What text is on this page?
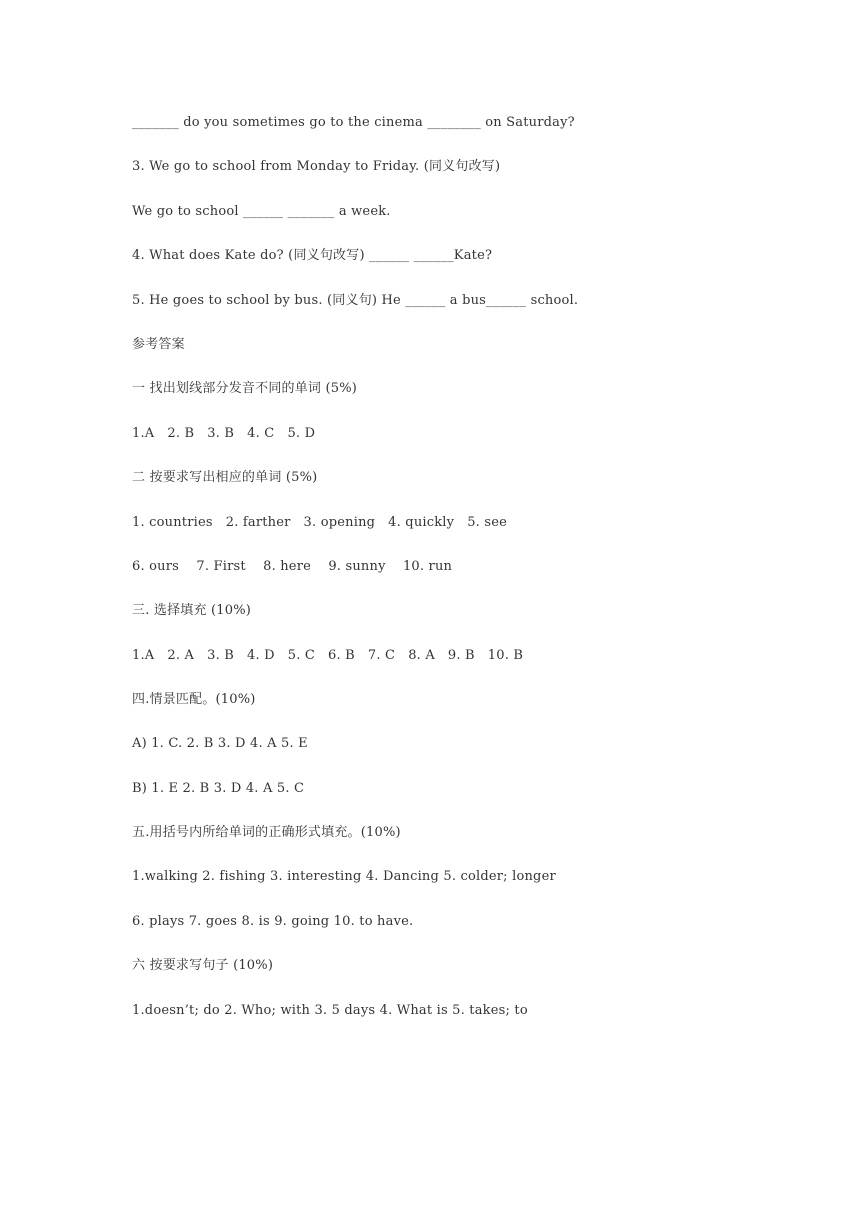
_______ do you sometimes go to the cinema ________ on Saturday?
3. We go to school from Monday to Friday. (同义句改写)
We go to school ______ _______ a week.
4. What does Kate do? (同义句改写) ______ ______Kate?
5. He goes to school by bus. (同义句) He ______ a bus______ school.
参考答案
一 找出划线部分发音不同的单词 (5%)
1.A   2. B   3. B   4. C   5. D
二 按要求写出相应的单词 (5%)
1. countries   2. farther   3. opening   4. quickly   5. see
6. ours    7. First    8. here    9. sunny    10. run
三. 选择填充 (10%)
1.A   2. A   3. B   4. D   5. C   6. B   7. C   8. A   9. B   10. B
四.情景匹配。(10%)
A) 1. C. 2. B 3. D 4. A 5. E
B) 1. E 2. B 3. D 4. A 5. C
五.用括号内所给单词的正确形式填充。(10%)
1.walking 2. fishing 3. interesting 4. Dancing 5. colder; longer
6. plays 7. goes 8. is 9. going 10. to have.
六 按要求写句子 (10%)
1.doesn’t; do 2. Who; with 3. 5 days 4. What is 5. takes; to
